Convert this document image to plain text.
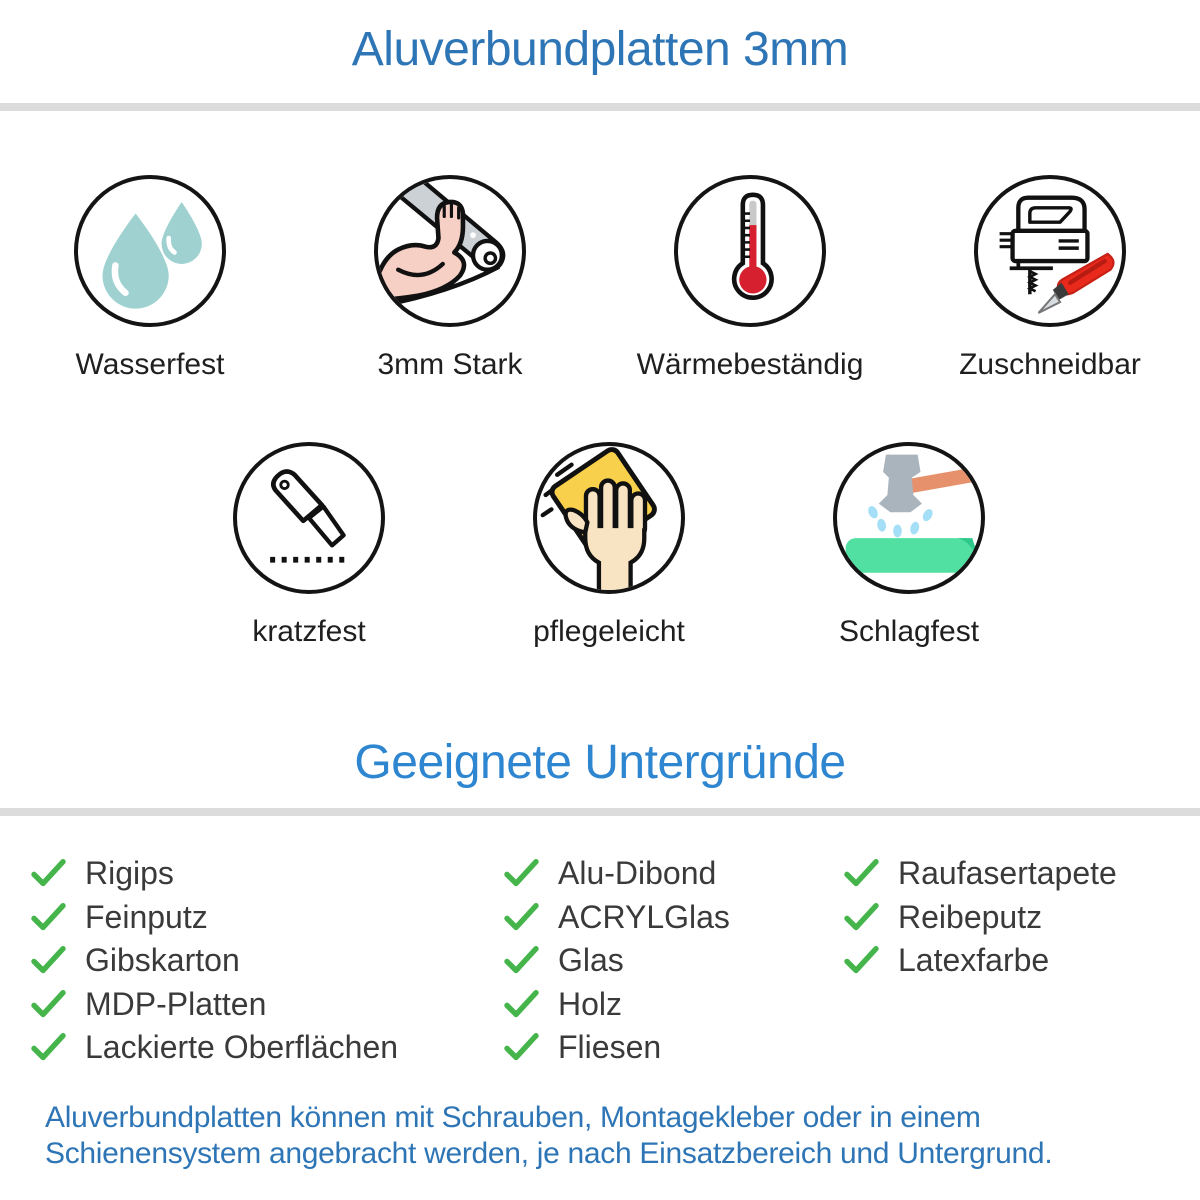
Aluverbundplatten 3mm
Wasserfest	3mm Stark	Wärmebeständig	Zuschneidbar
kratzfest	pflegeleicht	Schlagfest
Geeignete Untergründe
Rigips
Feinputz
Gibskarton
MDP-Platten
Lackierte Oberflächen
Alu-Dibond
ACRYLGlas
Glas
Holz
Fliesen
Raufasertapete
Reibeputz
Latexfarbe

Aluverbundplatten können mit Schrauben, Montagekleber oder in einem
Schienensystem angebracht werden, je nach Einsatzbereich und Untergrund.
